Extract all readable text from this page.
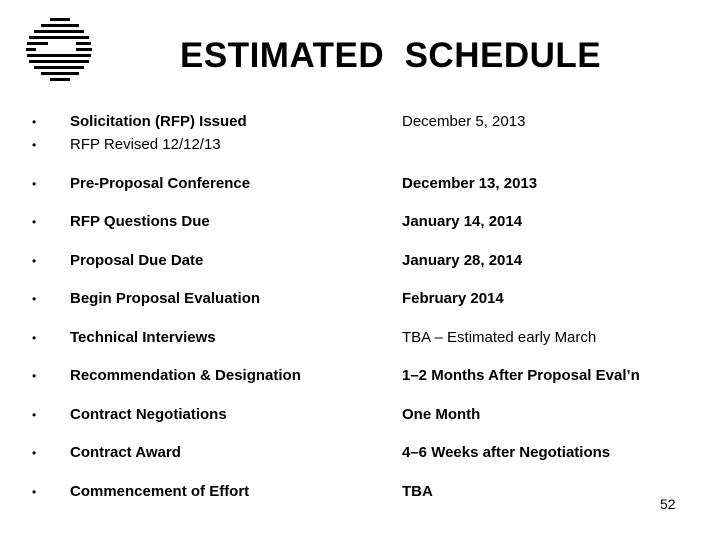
ESTIMATED  SCHEDULE
• Solicitation (RFP) Issued	December 5, 2013
• RFP Revised 12/12/13
• Pre-Proposal Conference	December 13, 2013
• RFP Questions Due	January 14, 2014
• Proposal Due Date	January 28, 2014
• Begin Proposal Evaluation	February 2014
• Technical Interviews	TBA – Estimated early March
• Recommendation & Designation	1–2 Months After Proposal Eval’n
• Contract Negotiations	One Month
• Contract Award	4–6 Weeks after Negotiations
• Commencement of Effort	TBA
52
